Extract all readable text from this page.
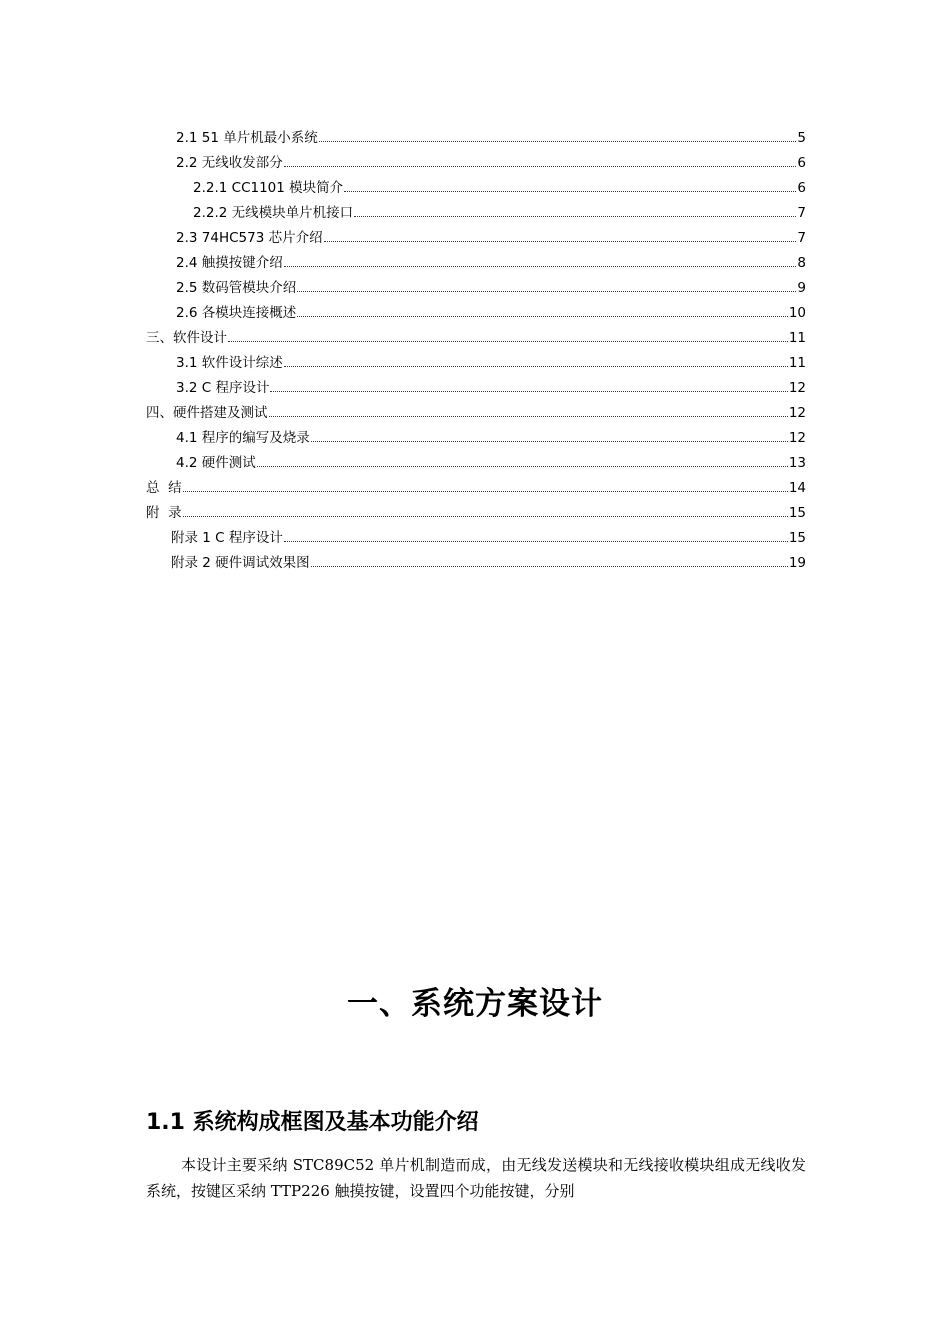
2.1 51 单片机最小系统	5
2.2 无线收发部分	6
2.2.1 CC1101 模块简介	6
2.2.2 无线模块单片机接口	7
2.3 74HC573 芯片介绍	7
2.4 触摸按键介绍	8
2.5 数码管模块介绍	9
2.6 各模块连接概述	10
三、软件设计	11
3.1 软件设计综述	11
3.2 C 程序设计	12
四、硬件搭建及测试	12
4.1 程序的编写及烧录	12
4.2 硬件测试	13
总  结	14
附  录	15
附录 1 C 程序设计	15
附录 2 硬件调试效果图	19
一、系统方案设计
1.1 系统构成框图及基本功能介绍
本设计主要采纳 STC89C52 单片机制造而成，由无线发送模块和无线接收模块组成无线收发系统，按键区采纳 TTP226 触摸按键，设置四个功能按键，分别
